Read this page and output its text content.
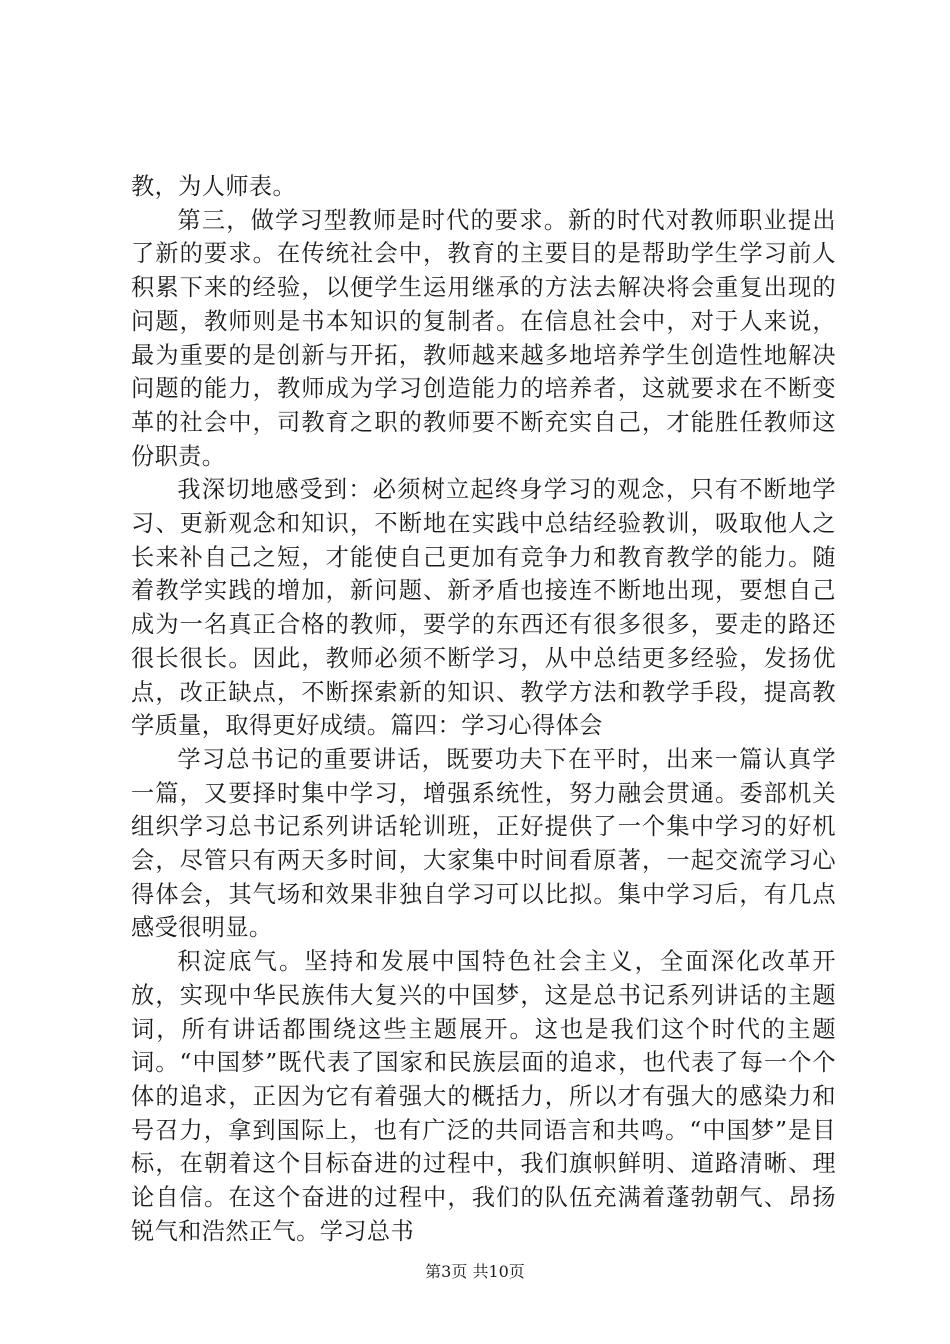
教，为人师表。

第三，做学习型教师是时代的要求。新的时代对教师职业提出了新的要求。在传统社会中，教育的主要目的是帮助学生学习前人积累下来的经验，以便学生运用继承的方法去解决将会重复出现的问题，教师则是书本知识的复制者。在信息社会中，对于人来说，最为重要的是创新与开拓，教师越来越多地培养学生创造性地解决问题的能力，教师成为学习创造能力的培养者，这就要求在不断变革的社会中，司教育之职的教师要不断充实自己，才能胜任教师这份职责。

我深切地感受到：必须树立起终身学习的观念，只有不断地学习、更新观念和知识，不断地在实践中总结经验教训，吸取他人之长来补自己之短，才能使自己更加有竞争力和教育教学的能力。随着教学实践的增加，新问题、新矛盾也接连不断地出现，要想自己成为一名真正合格的教师，要学的东西还有很多很多，要走的路还很长很长。因此，教师必须不断学习，从中总结更多经验，发扬优点，改正缺点，不断探索新的知识、教学方法和教学手段，提高教学质量，取得更好成绩。篇四：学习心得体会

学习总书记的重要讲话，既要功夫下在平时，出来一篇认真学一篇，又要择时集中学习，增强系统性，努力融会贯通。委部机关组织学习总书记系列讲话轮训班，正好提供了一个集中学习的好机会，尽管只有两天多时间，大家集中时间看原著，一起交流学习心得体会，其气场和效果非独自学习可以比拟。集中学习后，有几点感受很明显。

积淀底气。坚持和发展中国特色社会主义，全面深化改革开放，实现中华民族伟大复兴的中国梦，这是总书记系列讲话的主题词，所有讲话都围绕这些主题展开。这也是我们这个时代的主题词。“中国梦”既代表了国家和民族层面的追求，也代表了每一个个体的追求，正因为它有着强大的概括力，所以才有强大的感染力和号召力，拿到国际上，也有广泛的共同语言和共鸣。“中国梦”是目标，在朝着这个目标奋进的过程中，我们旗帜鲜明、道路清晰、理论自信。在这个奋进的过程中，我们的队伍充满着蓬勃朝气、昂扬锐气和浩然正气。学习总书

第3页 共10页
